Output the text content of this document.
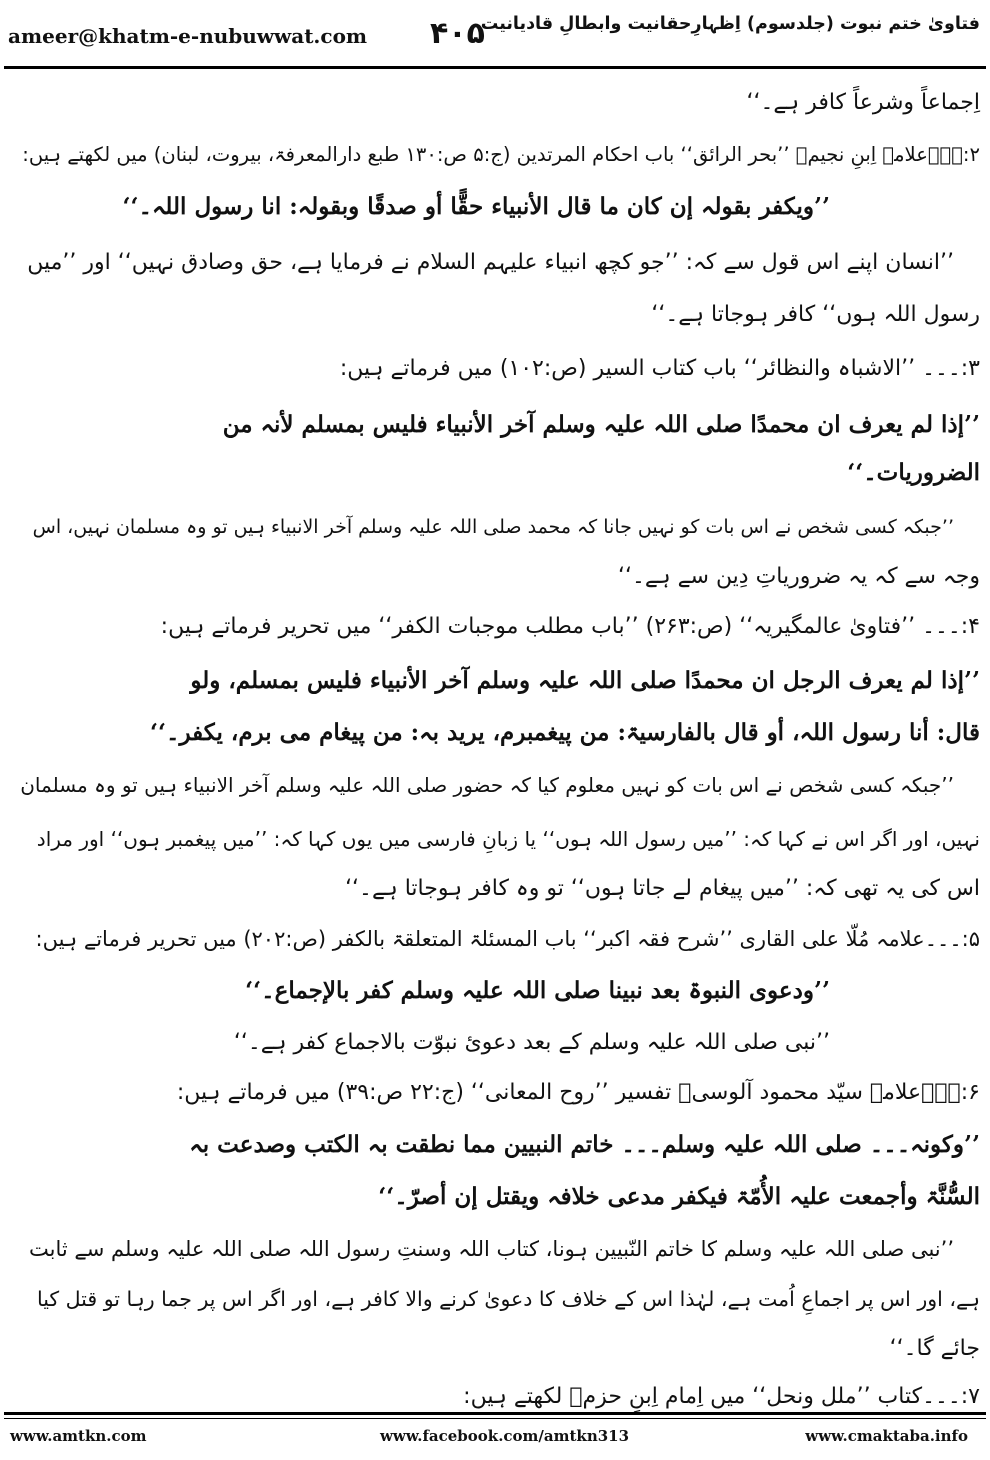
ameer@khatm-e-nubuwwat.com ۴۰۵
فتاویٰ ختم نبوت (جلدسوم) اِظہارِحقانیت وابطالِ قادیانیت
اِجماعاً وشرعاً کافر ہے۔‘‘
۲:۔۔۔علامہ اِبنِ نجیمؒ ’’بحر الرائق‘‘ باب احکام المرتدین (ج:۵ ص:۱۳۰ طبع دارالمعرفۃ، بیروت، لبنان) میں لکھتے ہیں:
’’ویکفر بقولہ إن کان ما قال الأنبیاء حقًّا أو صدقًا وبقولہ: انا رسول اللہ۔‘‘
’’انسان اپنے اس قول سے کہ: ’’جو کچھ انبیاء علیہم السلام نے فرمایا ہے، حق وصادق نہیں‘‘ اور ’’میں
رسول اللہ ہوں‘‘ کافر ہوجاتا ہے۔‘‘
۳:۔۔۔ ’’الاشباہ والنظائر‘‘ باب کتاب السیر (ص:۱۰۲) میں فرماتے ہیں:
’’إذا لم یعرف ان محمدًا صلی اللہ علیہ وسلم آخر الأنبیاء فلیس بمسلم لأنہ من
الضروریات۔‘‘
’’جبکہ کسی شخص نے اس بات کو نہیں جانا کہ محمد صلی اللہ علیہ وسلم آخر الانبیاء ہیں تو وہ مسلمان نہیں، اس
وجہ سے کہ یہ ضروریاتِ دِین سے ہے۔‘‘
۴:۔۔۔ ’’فتاویٰ عالمگیریہ‘‘ (ص:۲۶۳) ’’باب مطلب موجبات الکفر‘‘ میں تحریر فرماتے ہیں:
’’إذا لم یعرف الرجل ان محمدًا صلی اللہ علیہ وسلم آخر الأنبیاء فلیس بمسلم، ولو
قال: أنا رسول اللہ، أو قال بالفارسیۃ: من پیغمبرم، یرید بہ: من پیغام می برم، یکفر۔‘‘
’’جبکہ کسی شخص نے اس بات کو نہیں معلوم کیا کہ حضور صلی اللہ علیہ وسلم آخر الانبیاء ہیں تو وہ مسلمان
نہیں، اور اگر اس نے کہا کہ: ’’میں رسول اللہ ہوں‘‘ یا زبانِ فارسی میں یوں کہا کہ: ’’میں پیغمبر ہوں‘‘ اور مراد
اس کی یہ تھی کہ: ’’میں پیغام لے جاتا ہوں‘‘ تو وہ کافر ہوجاتا ہے۔‘‘
۵:۔۔۔علامہ مُلّا علی القاری ’’شرح فقہ اکبر‘‘ باب المسئلۃ المتعلقۃ بالکفر (ص:۲۰۲) میں تحریر فرماتے ہیں:
’’ودعوی النبوۃ بعد نبینا صلی اللہ علیہ وسلم کفر بالإجماع۔‘‘
’’نبی صلی اللہ علیہ وسلم کے بعد دعویٔ نبوّت بالاجماع کفر ہے۔‘‘
۶:۔۔۔علامہ سیّد محمود آلوسیؒ تفسیر ’’روح المعانی‘‘ (ج:۲۲ ص:۳۹) میں فرماتے ہیں:
’’وکونہ۔۔۔ صلی اللہ علیہ وسلم۔۔۔ خاتم النبیین مما نطقت بہ الکتب وصدعت بہ
السُّنَّۃ وأجمعت علیہ الأُمّۃ فیکفر مدعی خلافہ ویقتل إن أصرّ۔‘‘
’’نبی صلی اللہ علیہ وسلم کا خاتم النّبیین ہونا، کتاب اللہ وسنتِ رسول اللہ صلی اللہ علیہ وسلم سے ثابت
ہے، اور اس پر اجماعِ اُمت ہے، لہٰذا اس کے خلاف کا دعویٰ کرنے والا کافر ہے، اور اگر اس پر جما رہا تو قتل کیا
جائے گا۔‘‘
۷:۔۔۔کتاب ’’ملل ونحل‘‘ میں اِمام اِبنِ حزمؒ لکھتے ہیں:
www.amtkn.com	www.facebook.com/amtkn313	www.cmaktaba.info
